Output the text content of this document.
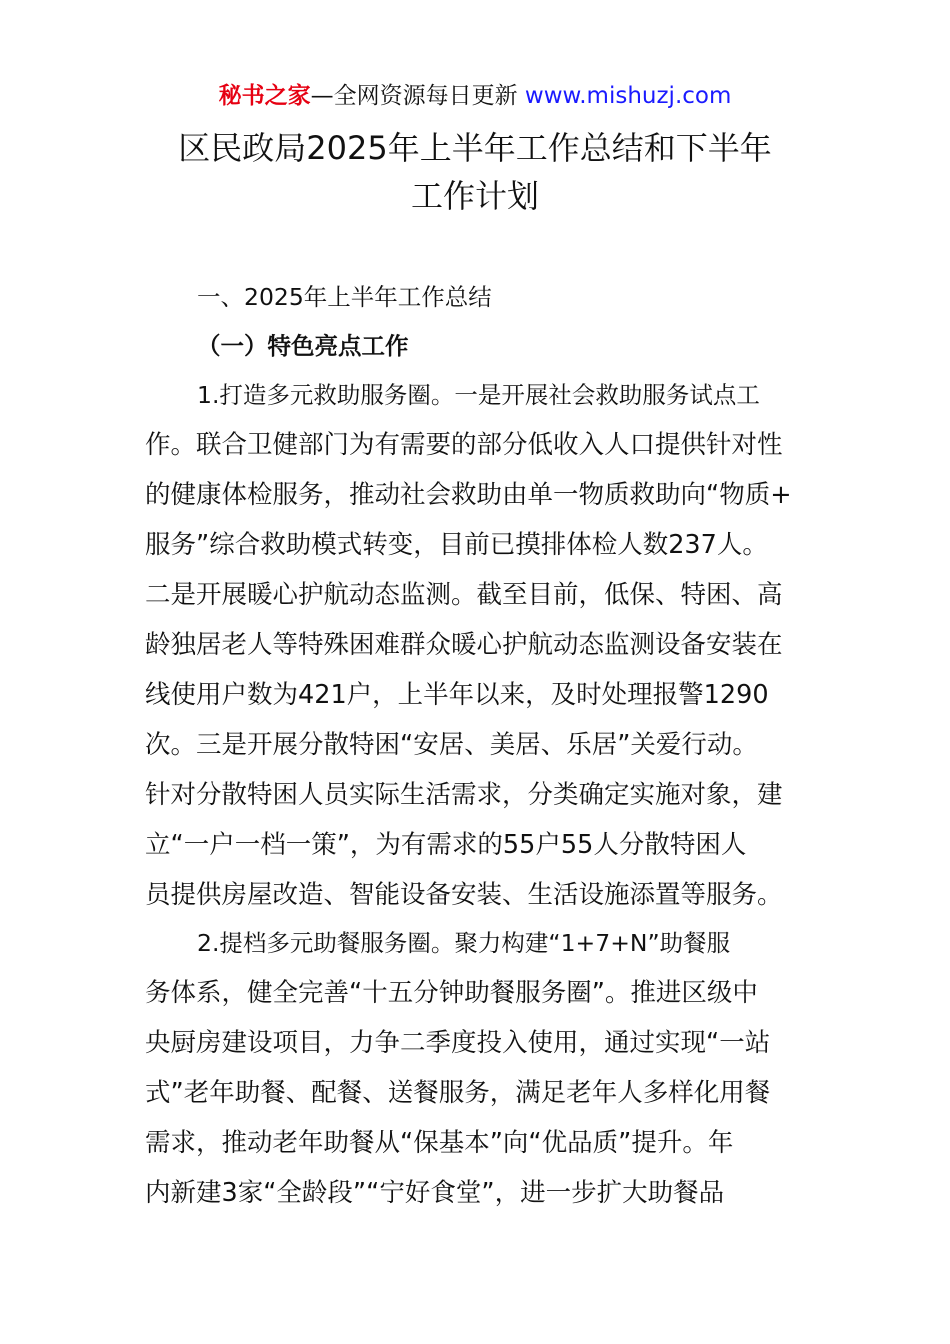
秘书之家—全网资源每日更新 www.mishuzj.com
区民政局2025年上半年工作总结和下半年
工作计划
一、2025年上半年工作总结
（一）特色亮点工作
1.打造多元救助服务圈。一是开展社会救助服务试点工
作。联合卫健部门为有需要的部分低收入人口提供针对性
的健康体检服务，推动社会救助由单一物质救助向“物质+
服务”综合救助模式转变，目前已摸排体检人数237人。
二是开展暖心护航动态监测。截至目前，低保、特困、高
龄独居老人等特殊困难群众暖心护航动态监测设备安装在
线使用户数为421户，上半年以来，及时处理报警1290
次。三是开展分散特困“安居、美居、乐居”关爱行动。
针对分散特困人员实际生活需求，分类确定实施对象，建
立“一户一档一策”，为有需求的55户55人分散特困人
员提供房屋改造、智能设备安装、生活设施添置等服务。
2.提档多元助餐服务圈。聚力构建“1+7+N”助餐服
务体系，健全完善“十五分钟助餐服务圈”。推进区级中
央厨房建设项目，力争二季度投入使用，通过实现“一站
式”老年助餐、配餐、送餐服务，满足老年人多样化用餐
需求，推动老年助餐从“保基本”向“优品质”提升。年
内新建3家“全龄段”“宁好食堂”，进一步扩大助餐品
